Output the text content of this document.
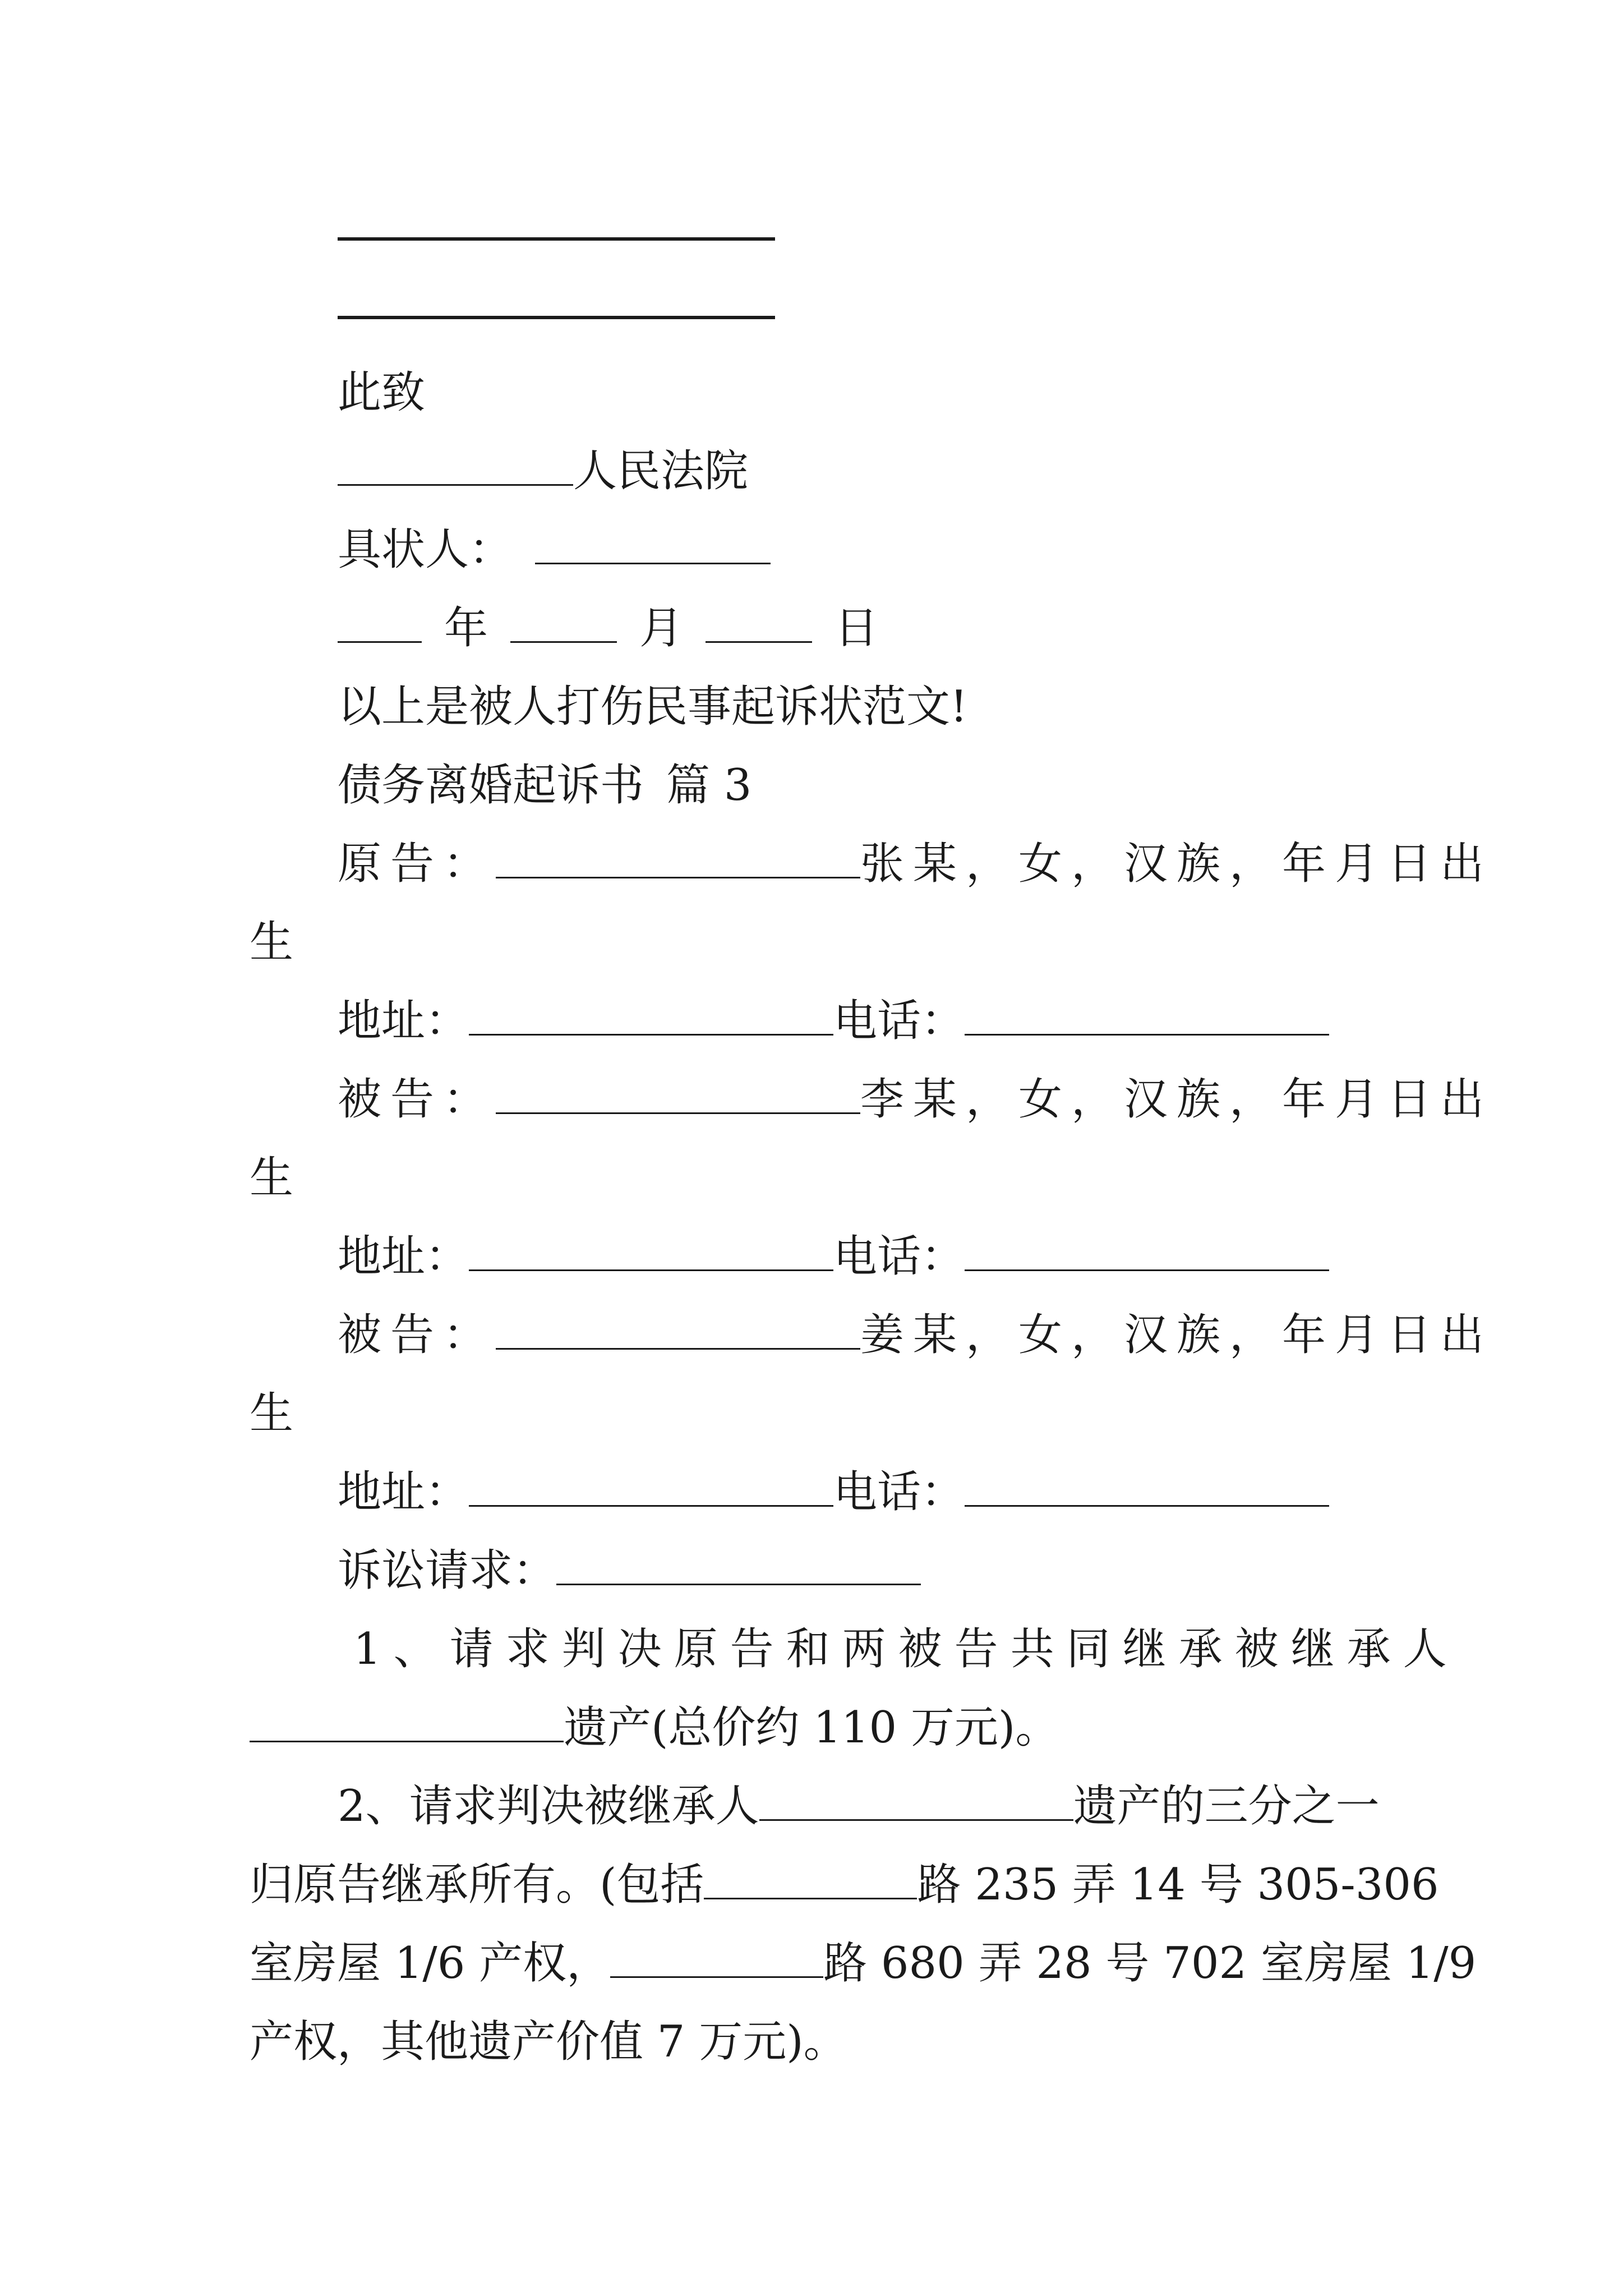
此致
人民法院
具状人：
年	月	日
以上是被人打伤民事起诉状范文!
债务离婚起诉书 篇 3
原告：	张某，女，汉族，年月日出
生
地址：	电话：
被告：	李某，女，汉族，年月日出
生
地址：	电话：
被告：	姜某，女，汉族，年月日出
生
地址：	电话：
诉讼请求：
1、请求判决原告和两被告共同继承被继承人
遗产(总价约 110 万元)。
2、请求判决被继承人	遗产的三分之一
归原告继承所有。(包括	路 235 弄 14 号 305-306
室房屋 1/6 产权，	路 680 弄 28 号 702 室房屋 1/9
产权，其他遗产价值 7 万元)。
